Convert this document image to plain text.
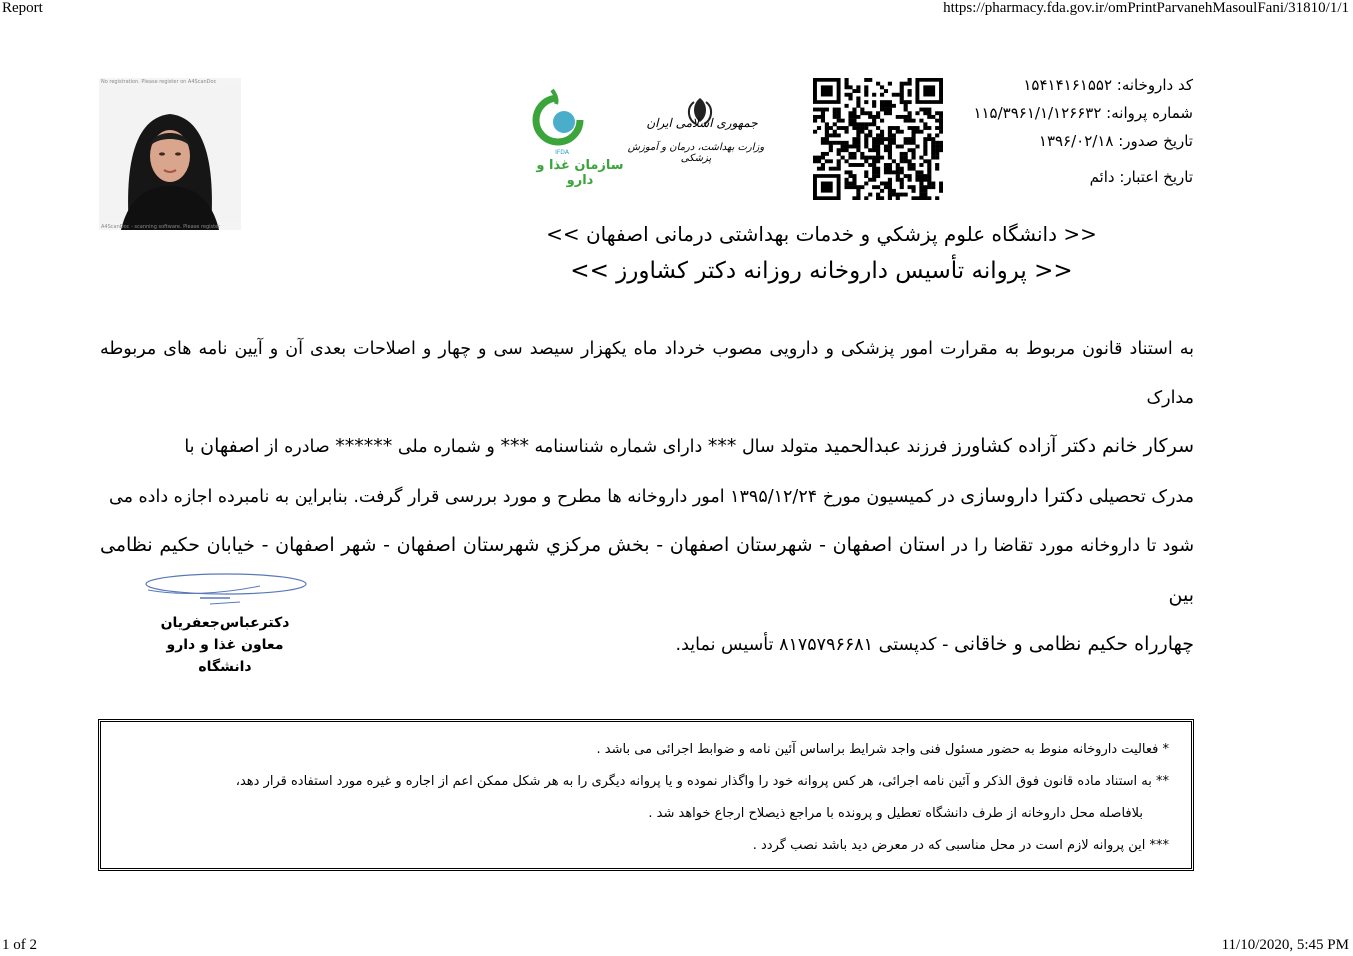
Report	https://pharmacy.fda.gov.ir/omPrintParvanehMasoulFani/31810/1/1
1 of 2	11/10/2020, 5:45 PM
No registration. Please register on A4ScanDoc
A4ScanDoc - scanning software. Please register
IFDA
جمهوری اسلامی ایران
وزارت بهداشت، درمان و آموزش پزشکی
سازمان غذا و دارو
کد داروخانه: ۱۵۴۱۴۱۶۱۵۵۲
شماره پروانه: ۱۱۵/۳۹۶۱/۱/۱۲۶۶۳۲
تاریخ صدور: ۱۳۹۶/۰۲/۱۸
تاریخ اعتبار: دائم
<< دانشگاه علوم پزشكي و خدمات بهداشتی درمانی اصفهان >>
<< پروانه تأسیس داروخانه روزانه دکتر کشاورز >>
به استناد قانون مربوط به مقرارت امور پزشکی و دارویی مصوب خرداد ماه یکهزار سیصد سی و چهار و اصلاحات بعدی آن و آیین نامه های مربوطه مدارک
سرکار خانم دکتر آزاده کشاورز فرزند عبدالحمید متولد سال *** دارای شماره شناسنامه *** و شماره ملی ****** صادره از اصفهان با
مدرک تحصیلی دکترا داروسازی در کمیسیون مورخ ۱۳۹۵/۱۲/۲۴ امور داروخانه ها مطرح و مورد بررسی قرار گرفت. بنابراین به نامبرده اجازه داده می
شود تا داروخانه مورد تقاضا را در استان اصفهان - شهرستان اصفهان - بخش مرکزي شهرستان اصفهان - شهر اصفهان - خیابان حکیم نظامی بین
چهارراه حکیم نظامی و خاقانی - کدپستی ۸۱۷۵۷۹۶۶۸۱ تأسیس نماید.
دکترعباس‌جعفریان
معاون غذا و دارو دانشگاه
* فعالیت داروخانه منوط به حضور مسئول فنی واجد شرایط براساس آئین نامه و ضوابط اجرائی می باشد .
** به استناد ماده قانون فوق الذکر و آئین نامه اجرائی، هر کس پروانه خود را واگذار نموده و یا پروانه دیگری را به هر شکل ممکن اعم از اجاره و غیره مورد استفاده قرار دهد،
بلافاصله محل داروخانه از طرف دانشگاه تعطیل و پرونده با مراجع ذیصلاح ارجاع خواهد شد .
*** این پروانه لازم است در محل مناسبی که در معرض دید باشد نصب گردد .
